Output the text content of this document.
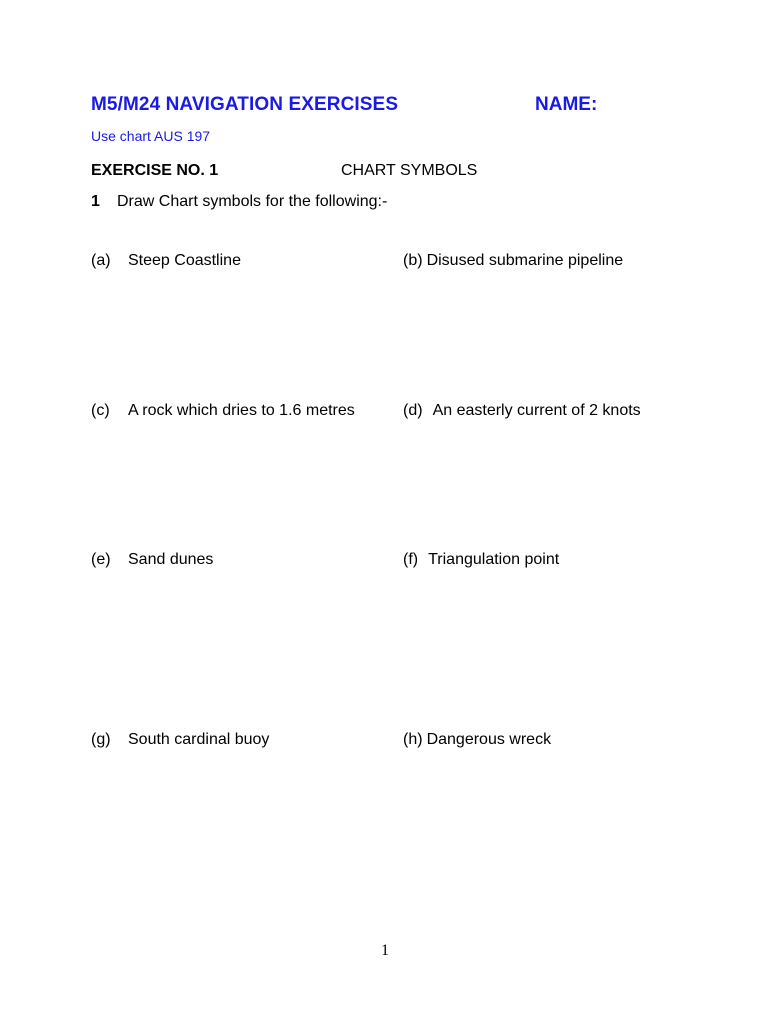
M5/M24 NAVIGATION EXERCISES	NAME:
Use chart AUS 197
EXERCISE NO. 1	CHART SYMBOLS
1 Draw Chart symbols for the following:-
(a) Steep Coastline	(b) Disused submarine pipeline
(c) A rock which dries to 1.6 metres	(d) An easterly current of 2 knots
(e) Sand dunes	(f) Triangulation point
(g) South cardinal buoy	(h) Dangerous wreck
1
